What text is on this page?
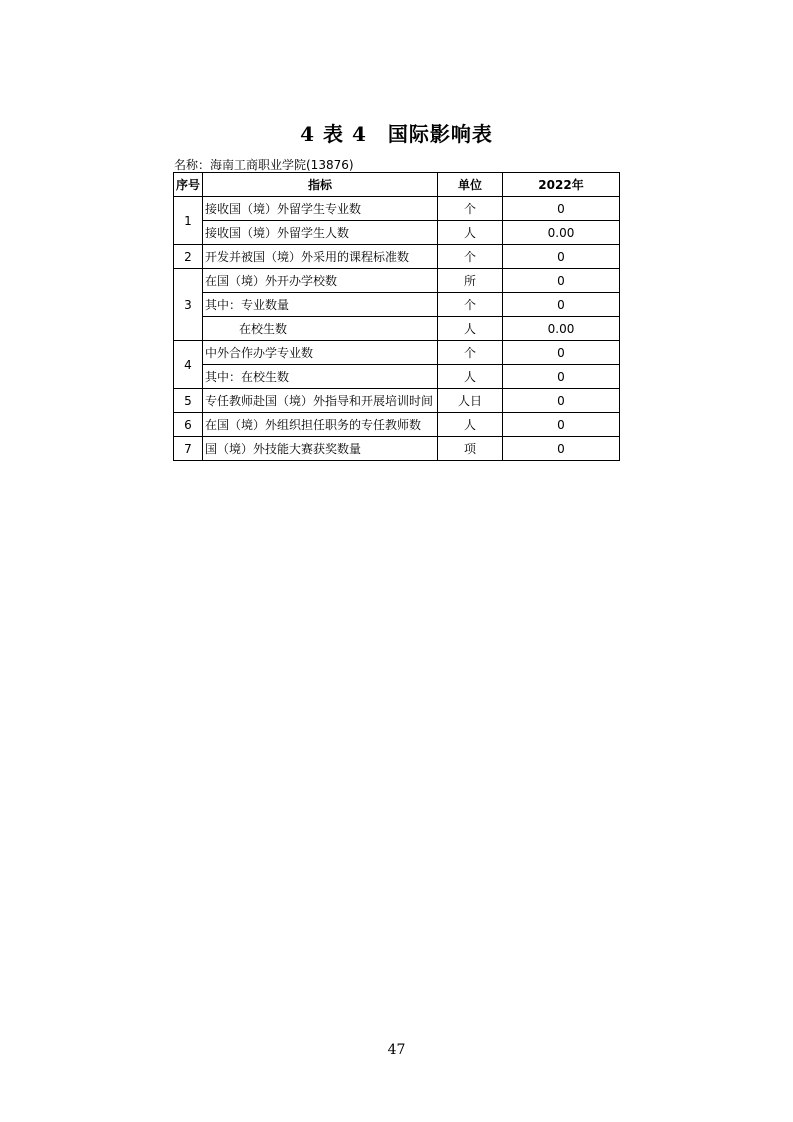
4 表 4　国际影响表
名称：海南工商职业学院(13876)
序号	指标	单位	2022年
1	接收国（境）外留学生专业数	个	0
	接收国（境）外留学生人数	人	0.00
2	开发并被国（境）外采用的课程标准数	个	0
3	在国（境）外开办学校数	所	0
	其中：专业数量	个	0
	在校生数	人	0.00
4	中外合作办学专业数	个	0
	其中：在校生数	人	0
5	专任教师赴国（境）外指导和开展培训时间	人日	0
6	在国（境）外组织担任职务的专任教师数	人	0
7	国（境）外技能大赛获奖数量	项	0
47
